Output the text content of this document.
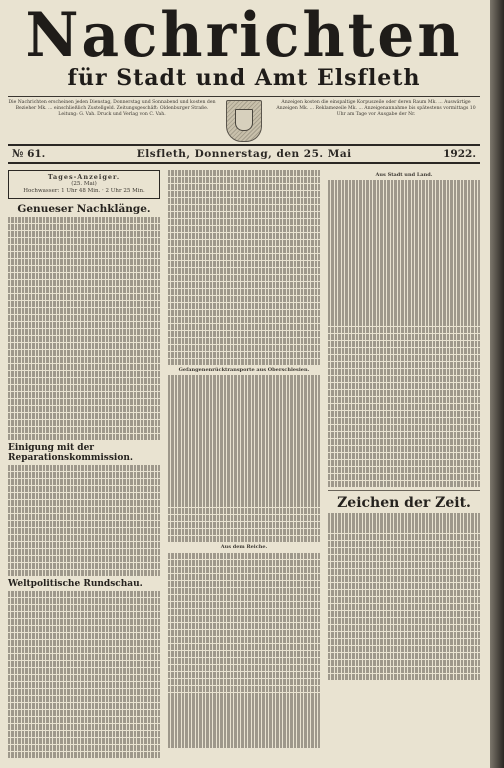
Nachrichten
für Stadt und Amt Elsfleth
Die Nachrichten erscheinen jeden Dienstag, Donnerstag und Sonnabend und kosten den Bezieher Mk. ... einschließlich Zustellgeld. Zeitungsgeschäft: Oldenburger Straße. Leitung: G. Vah. Druck und Verlag von C. Vah.
Anzeigen kosten die einspaltige Korpuszeile oder deren Raum Mk. ... Auswärtige Anzeigen Mk. ... Reklamezeile Mk. ... Anzeigenannahme bis spätestens vormittags 10 Uhr am Tage vor Ausgabe der Nr.
№ 61.	Elsfleth, Donnerstag, den 25. Mai	1922.
Tages-Anzeiger.
(25. Mai)
Hochwasser: 1 Uhr 48 Min. · 2 Uhr 25 Min.
Genueser Nachklänge.
Einigung mit der Reparationskommission.
Weltpolitische Rundschau.
Gefangenenrücktransporte aus Oberschlesien.
Aus dem Reiche.
Aus Stadt und Land.
Zeichen der Zeit.
